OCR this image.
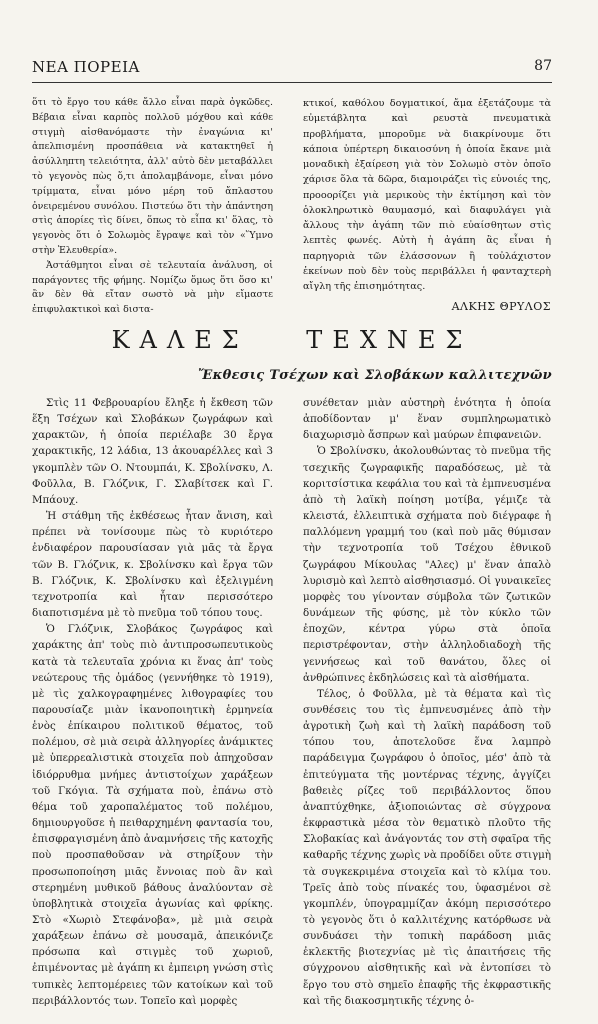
ΝΕΑ ΠΟΡΕΙΑ	87

ὅτι τὸ ἔργο του κάθε ἄλλο εἶναι παρὰ ὀγκῶδες. Βέβαια εἶναι καρπὸς πολλοῦ μόχθου καὶ κάθε στιγμὴ αἰσθανόμαστε τὴν ἐναγώνια κι' ἀπελπισμένη προσπάθεια νὰ κατακτηθεῖ ἡ ἀσύλληπτη τελειότητα, ἀλλ' αὐτὸ δὲν μεταβάλλει τὸ γεγονὸς πὼς ὅ,τι ἀπολαμβάνομε, εἶναι μόνο τρίμματα, εἶναι μόνο μέρη τοῦ ἄπλαστου ὀνειρεμένου συνόλου. Πιστεύω ὅτι τὴν ἀπάντηση στὶς ἀπορίες τὶς δίνει, ὅπως τὸ εἶπα κι' ὅλας, τὸ γεγονὸς ὅτι ὁ Σολωμὸς ἔγραψε καὶ τὸν «Ὕμνο στὴν Ἐλευθερία».

Ἀστάθμητοι εἶναι σὲ τελευταία ἀνάλυση, οἱ παράγοντες τῆς φήμης. Νομίζω ὅμως ὅτι ὅσο κι' ἂν δὲν θὰ εἴταν σωστὸ νὰ μὴν εἴμαστε ἐπιφυλακτικοὶ καὶ διστα-

κτικοί, καθόλου δογματικοί, ἄμα ἐξετάζουμε τὰ εὐμετάβλητα καὶ ρευστὰ πνευματικὰ προβλήματα, μποροῦμε νὰ διακρίνουμε ὅτι κάποια ὑπέρτερη δικαιοσύνη ἡ ὁποία ἔκανε μιὰ μοναδικὴ ἐξαίρεση γιὰ τὸν Σολωμὸ στὸν ὁποῖο χάρισε ὅλα τὰ δῶρα, διαμοιράζει τὶς εὐνοιές της, προοορίζει γιὰ μερικοὺς τὴν ἐκτίμηση καὶ τὸν ὁλοκληρωτικὸ θαυμασμό, καὶ διαφυλάγει γιὰ ἄλλους τὴν ἀγάπη τῶν πιὸ εὐαίσθητων στὶς λεπτὲς φωνές. Αὐτὴ ἡ ἀγάπη ἂς εἶναι ἡ παρηγοριὰ τῶν ἐλάσσονων ἢ τοὐλάχιστον ἐκείνων ποὺ δὲν τοὺς περιβάλλει ἡ φανταχτερὴ αἴγλη τῆς ἐπισημότητας.

ΑΛΚΗΣ ΘΡΥΛΟΣ
ΚΑΛΕΣ ΤΕΧΝΕΣ
Ἔκθεσις Τσέχων καὶ Σλοβάκων καλλιτεχνῶν

Στὶς 11 Φεβρουαρίου ἔληξε ἡ ἔκθεση τῶν ἕξη Τσέχων καὶ Σλοβάκων ζωγράφων καὶ χαρακτῶν, ἡ ὁποία περιέλαβε 30 ἔργα χαρακτικῆς, 12 λάδια, 13 ἀκουαρέλλες καὶ 3 γκομπλὲν τῶν Ο. Ντουμπάι, Κ. Σβολίνσκυ, Λ. Φοῦλλα, Β. Γλόζνικ, Γ. Σλαβίτσεκ καὶ Γ. Μπάουχ.

Ἡ στάθμη τῆς ἐκθέσεως ἦταν ἄνιση, καὶ πρέπει νὰ τονίσουμε πὼς τὸ κυριότερο ἐνδιαφέρον παρουσίασαν γιὰ μᾶς τὰ ἔργα τῶν Β. Γλόζνικ, κ. Σβολίνσκυ καὶ ἔργα τῶν Β. Γλόζνικ, Κ. Σβολίνσκυ καὶ ἐξελιγμένη τεχνοτροπία καὶ ἦταν περισσότερο διαποτισμένα μὲ τὸ πνεῦμα τοῦ τόπου τους.

Ὁ Γλόζνικ, Σλοβάκος ζωγράφος καὶ χαράκτης ἀπ' τοὺς πιὸ ἀντιπροσωπευτικοὺς κατὰ τὰ τελευταῖα χρόνια κι ἕνας ἀπ' τοὺς νεώτερους τῆς ὁμάδος (γεννήθηκε τὸ 1919), μὲ τὶς χαλκογραφημένες λιθογραφίες του παρουσίαζε μιὰν ἱκανοποιητικὴ ἑρμηνεία ἑνὸς ἐπίκαιρου πολιτικοῦ θέματος, τοῦ πολέμου, σὲ μιὰ σειρὰ ἀλληγορίες ἀνάμικτες μὲ ὑπερρεαλιστικὰ στοιχεῖα ποὺ ἀπηχοῦσαν ἰδιόρρυθμα μνήμες ἀντιστοίχων χαράξεων τοῦ Γκόγια. Τὰ σχήματα ποὺ, ἐπάνω στὸ θέμα τοῦ χαροπαλέματος τοῦ πολέμου, δημιουργοῦσε ἡ πειθαρχημένη φαντασία του, ἐπισφραγισμένη ἀπὸ ἀναμνήσεις τῆς κατοχῆς ποὺ προσπαθοῦσαν νὰ στηρίξουν τὴν προσωποποίηση μιᾶς ἔννοιας ποὺ ἂν καὶ στερημένη μυθικοῦ βάθους ἀναλύονταν σὲ ὑποβλητικὰ στοιχεῖα ἀγωνίας καὶ φρίκης. Στὸ «Χωριὸ Στεφάνοβα», μὲ μιὰ σειρὰ χαράξεων ἐπάνω σὲ μουσαμᾶ, ἀπεικόνιζε πρόσωπα καὶ στιγμὲς τοῦ χωριοῦ, ἐπιμένοντας μὲ ἀγάπη κι ἐμπειρη γνώση στὶς τυπικὲς λεπτομέρειες τῶν κατοίκων καὶ τοῦ περιβάλλοντός των. Τοπεῖο καὶ μορφὲς

συνέθεταν μιὰν αὐστηρὴ ἑνότητα ἡ ὁποία ἀποδίδονταν μ' ἕναν συμπληρωματικὸ διαχωρισμὸ ἄσπρων καὶ μαύρων ἐπιφανειῶν.

Ὁ Σβολίνσκυ, ἀκολουθώντας τὸ πνεῦμα τῆς τσεχικῆς ζωγραφικῆς παραδόσεως, μὲ τὰ κοριτσίστικα κεφάλια του καὶ τὰ ἐμπνευσμένα ἀπὸ τὴ λαϊκὴ ποίηση μοτίβα, γέμιζε τὰ κλειστά, ἐλλειπτικὰ σχήματα ποὺ διέγραφε ἡ παλλόμενη γραμμή του (καὶ ποὺ μᾶς θύμισαν τὴν τεχνοτροπία τοῦ Τσέχου ἐθνικοῦ ζωγράφου Μίκουλας "Αλες) μ' ἕναν ἁπαλὸ λυρισμὸ καὶ λεπτὸ αἰσθησιασμό. Οἱ γυναικεῖες μορφὲς του γίνονταν σύμβολα τῶν ζωτικῶν δυνάμεων τῆς φύσης, μὲ τὸν κύκλο τῶν ἐποχῶν, κέντρα γύρω στὰ ὁποῖα περιστρέφονταν, στὴν ἀλληλοδιαδοχὴ τῆς γεννήσεως καὶ τοῦ θανάτου, ὅλες οἱ ἀνθρώπινες ἐκδηλώσεις καὶ τὰ αἰσθήματα.

Τέλος, ὁ Φοῦλλα, μὲ τὰ θέματα καὶ τὶς συνθέσεις του τὶς ἐμπνευσμένες ἀπὸ τὴν ἀγροτικὴ ζωὴ καὶ τὴ λαϊκὴ παράδοση τοῦ τόπου του, ἀποτελοῦσε ἕνα λαμπρὸ παράδειγμα ζωγράφου ὁ ὁποῖος, μέσ' ἀπὸ τὰ ἐπιτεύγματα τῆς μοντέρνας τέχνης, ἀγγίζει βαθειὲς ρίζες τοῦ περιβάλλοντος ὅπου ἀναπτύχθηκε, ἀξιοποιώντας σὲ σύγχρονα ἐκφραστικὰ μέσα τὸν θεματικὸ πλοῦτο τῆς Σλοβακίας καὶ ἀνάγοντάς τον στὴ σφαῖρα τῆς καθαρῆς τέχνης χωρὶς νὰ προδίδει οὔτε στιγμὴ τὰ συγκεκριμένα στοιχεῖα καὶ τὸ κλίμα του. Τρεῖς ἀπὸ τοὺς πίνακές του, ὑφασμένοι σὲ γκομπλέν, ὑπογραμμίζαν ἀκόμη περισσότερο τὸ γεγονὸς ὅτι ὁ καλλιτέχνης κατόρθωσε νὰ συνδυάσει τὴν τοπικὴ παράδοση μιᾶς ἐκλεκτῆς βιοτεχνίας μὲ τὶς ἀπαιτήσεις τῆς σύγχρονου αἰσθητικῆς καὶ νὰ ἐντοπίσει τὸ ἔργο του στὸ σημεῖο ἐπαφῆς τῆς ἐκφραστικῆς καὶ τῆς διακοσμητικῆς τέχνης ὁ-
